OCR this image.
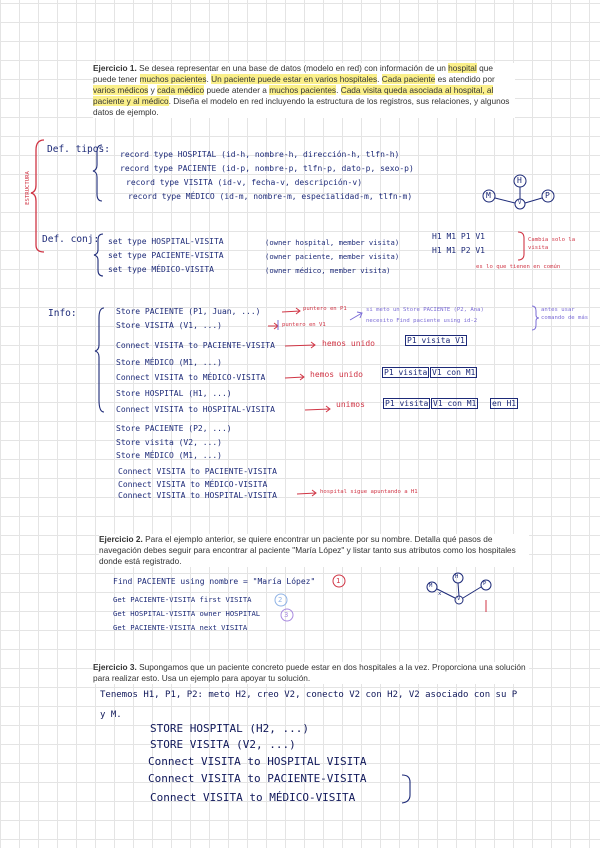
Ejercicio 1. Se desea representar en una base de datos (modelo en red) con información de un hospital que puede tener muchos pacientes. Un paciente puede estar en varios hospitales. Cada paciente es atendido por varios médicos y cada médico puede atender a muchos pacientes. Cada visita queda asociada al hospital, al paciente y al médico. Diseña el modelo en red incluyendo la estructura de los registros, sus relaciones, y algunos datos de ejemplo.
Ejercicio 2. Para el ejemplo anterior, se quiere encontrar un paciente por su nombre. Detalla qué pasos de navegación debes seguir para encontrar al paciente "María López" y listar tanto sus atributos como los hospitales donde está registrado.
Ejercicio 3. Supongamos que un paciente concreto puede estar en dos hospitales a la vez. Proporciona una solución para realizar esto. Usa un ejemplo para apoyar tu solución.
ESTRUCTURA
Def. tipos: record type HOSPITAL (id-h, nombre-h, dirección-h, tlfn-h)
record type PACIENTE (id-p, nombre-p, tlfn-p, dato-p, sexo-p)
record type VISITA (id-v, fecha-v, descripción-v)
record type MÉDICO (id-m, nombre-m, especialidad-m, tlfn-m)
H
M	P
V
Def. conj: set type HOSPITAL-VISITA	(owner hospital, member visita)
set type PACIENTE-VISITA	(owner paciente, member visita)
set type MÉDICO-VISITA	(owner médico, member visita)
H1 M1 P1 V1
H1 M1 P2 V1
Cambia solo la visita
es lo que tienen en común
Info:	Store PACIENTE (P1, Juan, ...)	puntero en P1
Store VISITA (V1, ...)	puntero en V1
si meto un Store PACIENTE (P2, Ana)
necesito Find paciente using id-2
antes usar comando de más
Connect VISITA to PACIENTE-VISITA	hemos unido	P1 visita V1
Store MÉDICO (M1, ...)
Connect VISITA to MÉDICO-VISITA	hemos unido	P1 visita V1 con M1
Store HOSPITAL (H1, ...)
Connect VISITA to HOSPITAL-VISITA
unimos	P1 visita V1 con M1 en H1
Store PACIENTE (P2, ...)
Store visita (V2, ...)
Store MÉDICO (M1, ...)
Connect VISITA to PACIENTE-VISITA
Connect VISITA to MÉDICO-VISITA
Connect VISITA to HOSPITAL-VISITA	hospital sigue apuntando a H1
Find PACIENTE using nombre = "María López"	1
Get PACIENTE-VISITA first VISITA	2
Get HOSPITAL-VISITA owner HOSPITAL	3
Get PACIENTE-VISITA next VISITA
H
M	P
V
x
Tenemos H1, P1, P2: meto H2, creo V2, conecto V2 con H2, V2 asociado con su P
y M.
STORE HOSPITAL (H2, ...)
STORE VISITA (V2, ...)
Connect VISITA to HOSPITAL VISITA
Connect VISITA to PACIENTE-VISITA
Connect VISITA to MÉDICO-VISITA
